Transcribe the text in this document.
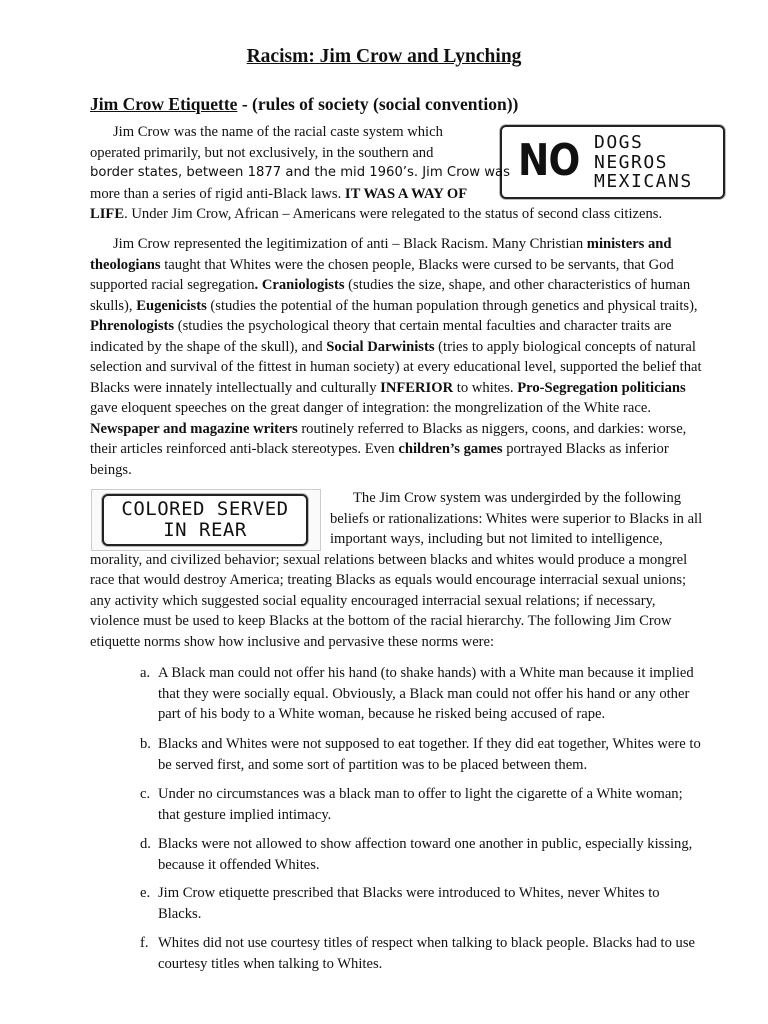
Racism: Jim Crow and Lynching
Jim Crow Etiquette - (rules of society (social convention))
NO DOGS
NEGROS
MEXICANS
Jim Crow was the name of the racial caste system which
operated primarily, but not exclusively, in the southern and
border states, between 1877 and the mid 1960’s. Jim Crow was
more than a series of rigid anti-Black laws. IT WAS A WAY OF
LIFE. Under Jim Crow, African – Americans were relegated to the status of second class citizens.
Jim Crow represented the legitimization of anti – Black Racism. Many Christian ministers and
theologians taught that Whites were the chosen people, Blacks were cursed to be servants, that God
supported racial segregation. Craniologists (studies the size, shape, and other characteristics of human
skulls), Eugenicists (studies the potential of the human population through genetics and physical traits),
Phrenologists (studies the psychological theory that certain mental faculties and character traits are
indicated by the shape of the skull), and Social Darwinists (tries to apply biological concepts of natural
selection and survival of the fittest in human society) at every educational level, supported the belief that
Blacks were innately intellectually and culturally INFERIOR to whites. Pro-Segregation politicians
gave eloquent speeches on the great danger of integration: the mongrelization of the White race.
Newspaper and magazine writers routinely referred to Blacks as niggers, coons, and darkies: worse,
their articles reinforced anti-black stereotypes. Even children’s games portrayed Blacks as inferior
beings.
COLORED SERVED
IN REAR
The Jim Crow system was undergirded by the following
beliefs or rationalizations: Whites were superior to Blacks in all
important ways, including but not limited to intelligence,
morality, and civilized behavior; sexual relations between blacks and whites would produce a mongrel
race that would destroy America; treating Blacks as equals would encourage interracial sexual unions;
any activity which suggested social equality encouraged interracial sexual relations; if necessary,
violence must be used to keep Blacks at the bottom of the racial hierarchy. The following Jim Crow
etiquette norms show how inclusive and pervasive these norms were:
a. A Black man could not offer his hand (to shake hands) with a White man because it implied
that they were socially equal. Obviously, a Black man could not offer his hand or any other
part of his body to a White woman, because he risked being accused of rape.
b. Blacks and Whites were not supposed to eat together. If they did eat together, Whites were to
be served first, and some sort of partition was to be placed between them.
c. Under no circumstances was a black man to offer to light the cigarette of a White woman;
that gesture implied intimacy.
d. Blacks were not allowed to show affection toward one another in public, especially kissing,
because it offended Whites.
e. Jim Crow etiquette prescribed that Blacks were introduced to Whites, never Whites to
Blacks.
f. Whites did not use courtesy titles of respect when talking to black people. Blacks had to use
courtesy titles when talking to Whites.
